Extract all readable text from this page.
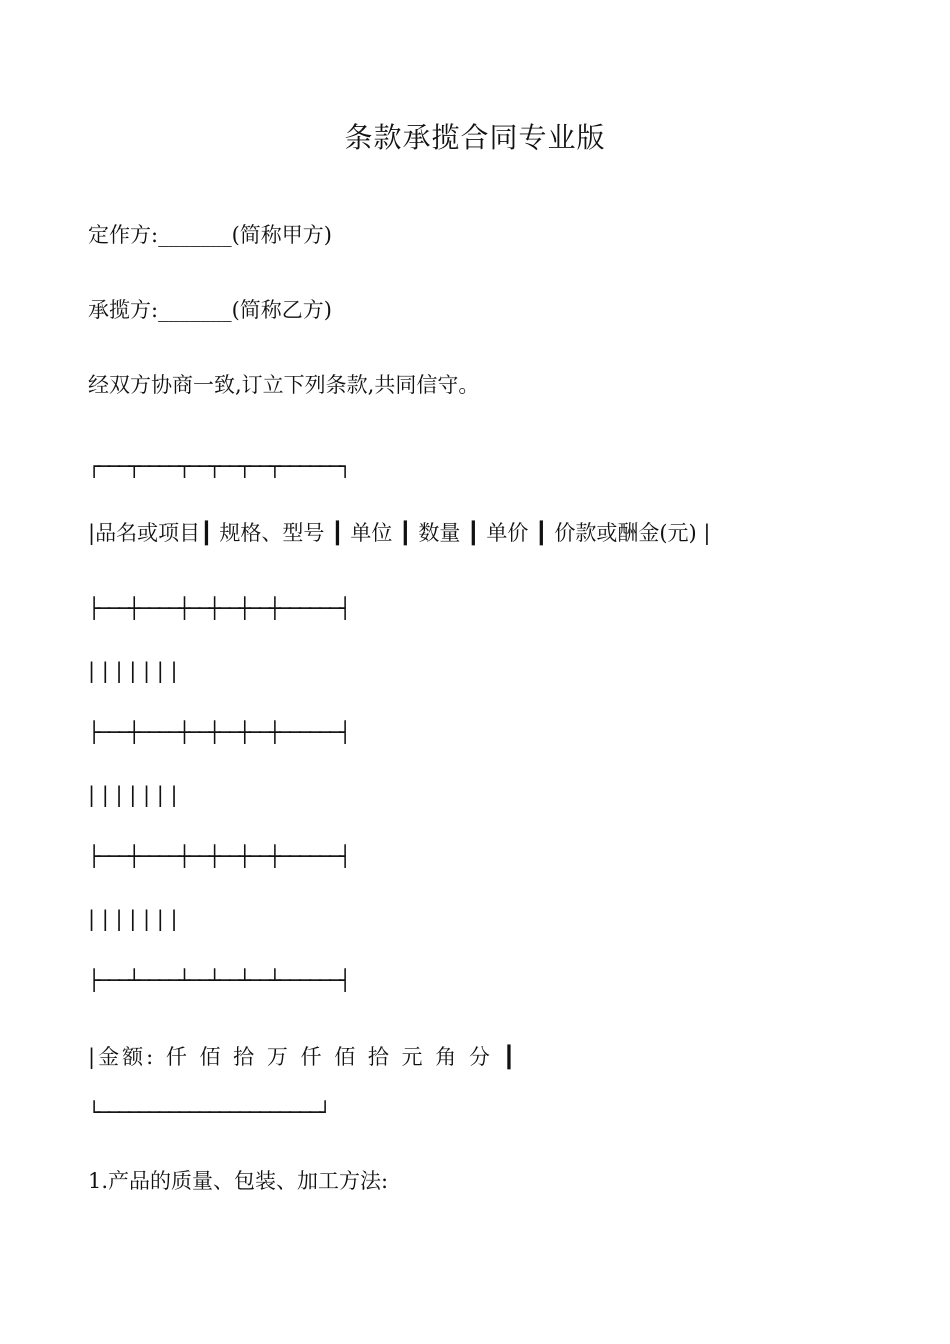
条款承揽合同专业版
定作方:_______(简称甲方)
承揽方:_______(简称乙方)
经双方协商一致,订立下列条款,共同信守。
┌───┬────┬──┬──┬──┬──────┐
|品名或项目┃ 规格、型号 ┃ 单位 ┃ 数量 ┃ 单价 ┃ 价款或酬金(元) |
├───┼────┼──┼──┼──┼──────┤
| | | | | | |
├───┼────┼──┼──┼──┼──────┤
| | | | | | |
├───┼────┼──┼──┼──┼──────┤
| | | | | | |
├───┴────┴──┴──┴──┴──────┤
|金额: 仟 佰 拾 万 仟 佰 拾 元 角 分 ┃
└──────────────────────┘
1.产品的质量、包装、加工方法:
